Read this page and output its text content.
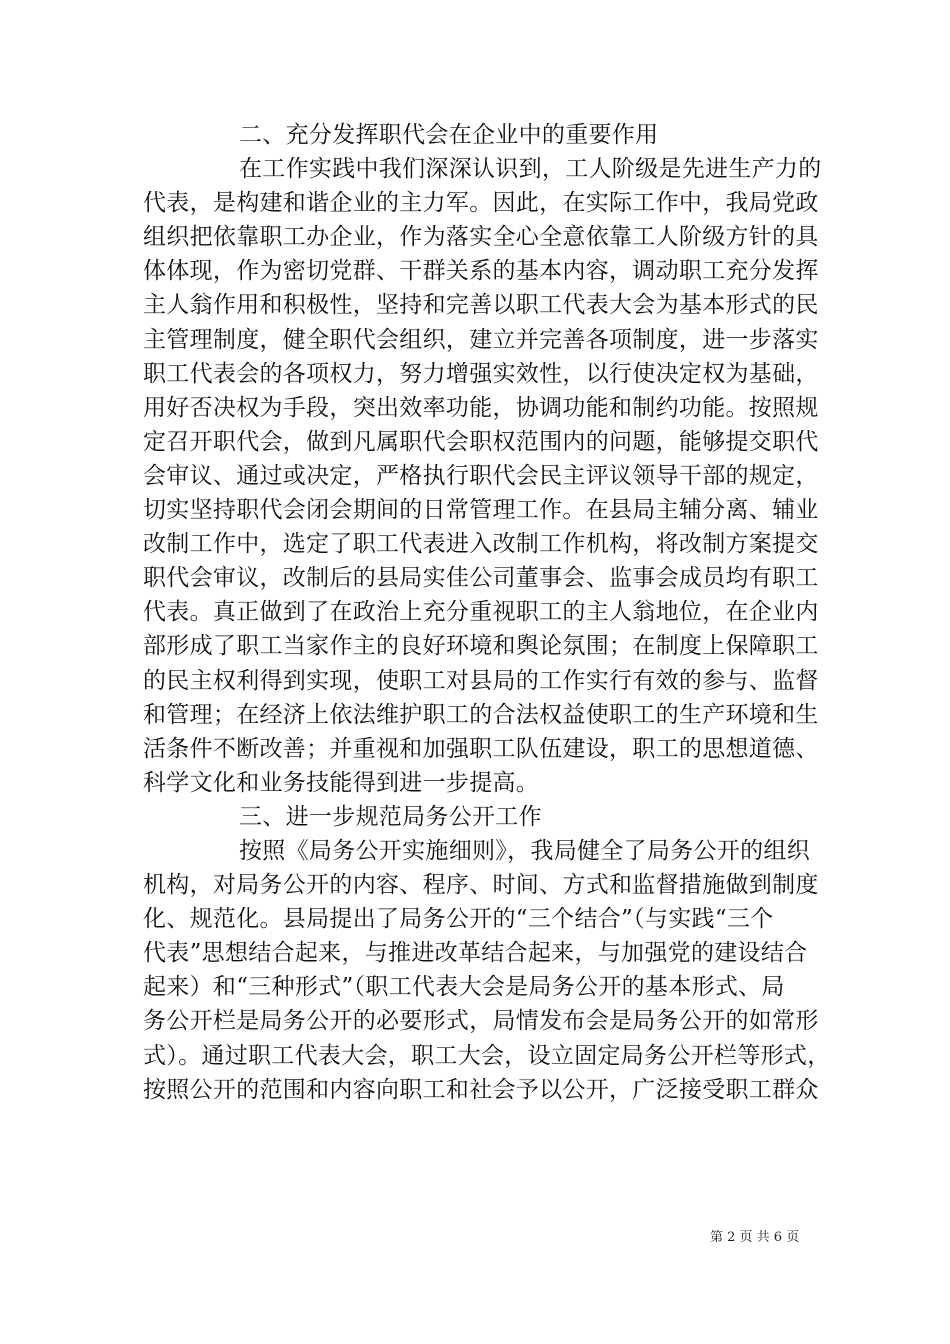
二、充分发挥职代会在企业中的重要作用
在工作实践中我们深深认识到，工人阶级是先进生产力的
代表，是构建和谐企业的主力军。因此，在实际工作中，我局党政
组织把依靠职工办企业，作为落实全心全意依靠工人阶级方针的具
体体现，作为密切党群、干群关系的基本内容，调动职工充分发挥
主人翁作用和积极性，坚持和完善以职工代表大会为基本形式的民
主管理制度，健全职代会组织，建立并完善各项制度，进一步落实
职工代表会的各项权力，努力增强实效性，以行使决定权为基础，
用好否决权为手段，突出效率功能，协调功能和制约功能。按照规
定召开职代会，做到凡属职代会职权范围内的问题，能够提交职代
会审议、通过或决定，严格执行职代会民主评议领导干部的规定，
切实坚持职代会闭会期间的日常管理工作。在县局主辅分离、辅业
改制工作中，选定了职工代表进入改制工作机构，将改制方案提交
职代会审议，改制后的县局实佳公司董事会、监事会成员均有职工
代表。真正做到了在政治上充分重视职工的主人翁地位，在企业内
部形成了职工当家作主的良好环境和舆论氛围；在制度上保障职工
的民主权利得到实现，使职工对县局的工作实行有效的参与、监督
和管理；在经济上依法维护职工的合法权益使职工的生产环境和生
活条件不断改善；并重视和加强职工队伍建设，职工的思想道德、
科学文化和业务技能得到进一步提高。
三、进一步规范局务公开工作
按照《局务公开实施细则》，我局健全了局务公开的组织
机构，对局务公开的内容、程序、时间、方式和监督措施做到制度
化、规范化。县局提出了局务公开的“三个结合”（与实践“三个
代表”思想结合起来，与推进改革结合起来，与加强党的建设结合
起来）和“三种形式”（职工代表大会是局务公开的基本形式、局
务公开栏是局务公开的必要形式，局情发布会是局务公开的如常形
式）。通过职工代表大会，职工大会，设立固定局务公开栏等形式，
按照公开的范围和内容向职工和社会予以公开，广泛接受职工群众
第 2 页 共 6 页
